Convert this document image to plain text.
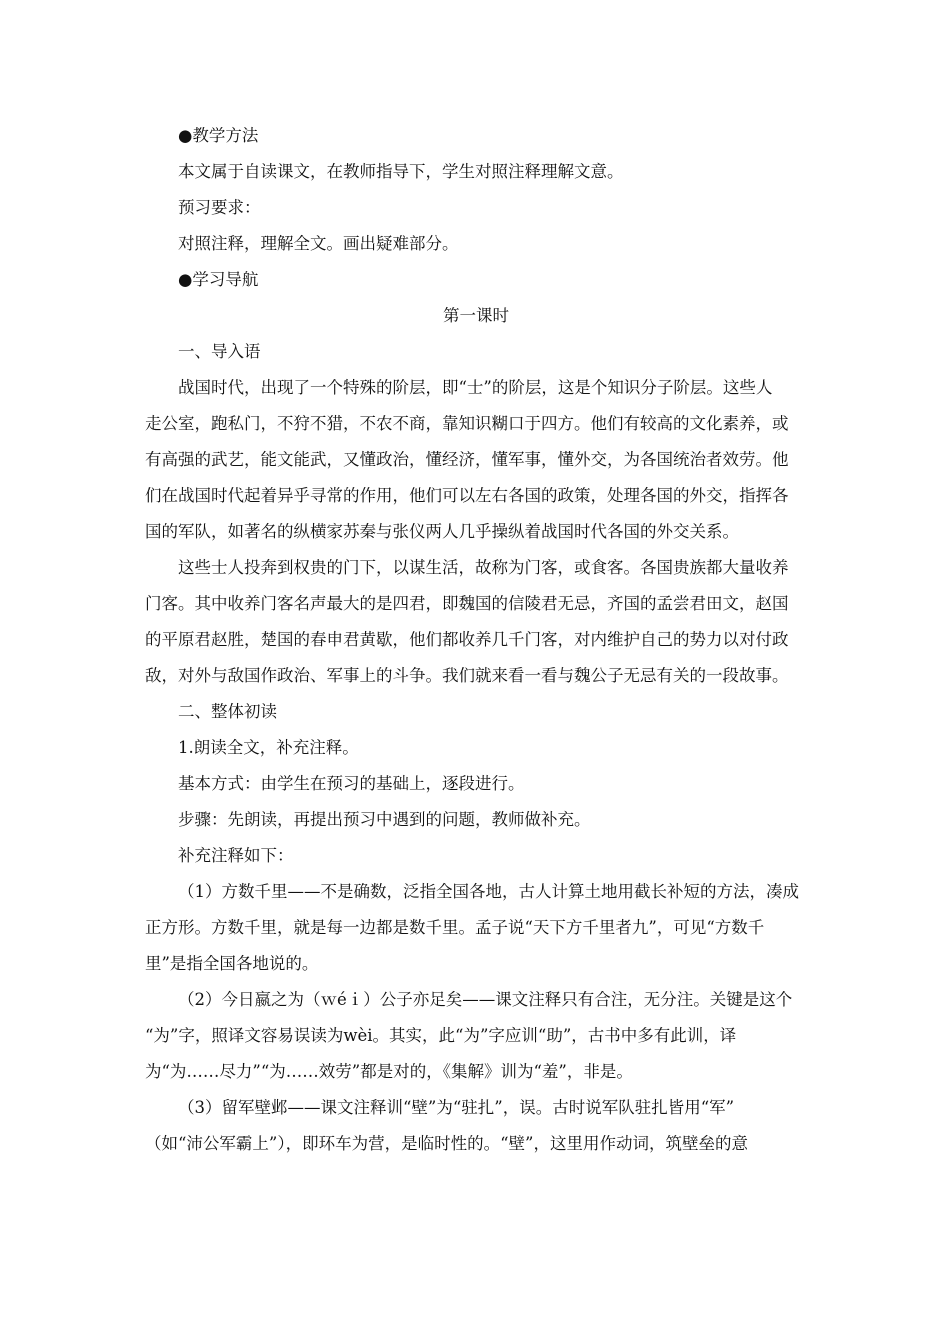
●教学方法
本文属于自读课文，在教师指导下，学生对照注释理解文意。
预习要求：
对照注释，理解全文。画出疑难部分。
●学习导航
第一课时
一、导入语
战国时代，出现了一个特殊的阶层，即“士”的阶层，这是个知识分子阶层。这些人
走公室，跑私门，不狩不猎，不农不商，靠知识糊口于四方。他们有较高的文化素养，或
有高强的武艺，能文能武，又懂政治，懂经济，懂军事，懂外交，为各国统治者效劳。他
们在战国时代起着异乎寻常的作用，他们可以左右各国的政策，处理各国的外交，指挥各
国的军队，如著名的纵横家苏秦与张仪两人几乎操纵着战国时代各国的外交关系。
这些士人投奔到权贵的门下，以谋生活，故称为门客，或食客。各国贵族都大量收养
门客。其中收养门客名声最大的是四君，即魏国的信陵君无忌，齐国的孟尝君田文，赵国
的平原君赵胜，楚国的春申君黄歇，他们都收养几千门客，对内维护自己的势力以对付政
敌，对外与敌国作政治、军事上的斗争。我们就来看一看与魏公子无忌有关的一段故事。
二、整体初读
1.朗读全文，补充注释。
基本方式：由学生在预习的基础上，逐段进行。
步骤：先朗读，再提出预习中遇到的问题，教师做补充。
补充注释如下：
（1）方数千里——不是确数，泛指全国各地，古人计算土地用截长补短的方法，凑成
正方形。方数千里，就是每一边都是数千里。孟子说“天下方千里者九”，可见“方数千
里”是指全国各地说的。
（2）今日嬴之为（ｗéｉ）公子亦足矣——课文注释只有合注，无分注。关键是这个
“为”字，照译文容易误读为wèi。其实，此“为”字应训“助”，古书中多有此训，译
为“为……尽力”“为……效劳”都是对的，《集解》训为“羞”，非是。
（3）留军壁邺——课文注释训“壁”为“驻扎”，误。古时说军队驻扎皆用“军”
（如“沛公军霸上”），即环车为营，是临时性的。“壁”，这里用作动词，筑壁垒的意
